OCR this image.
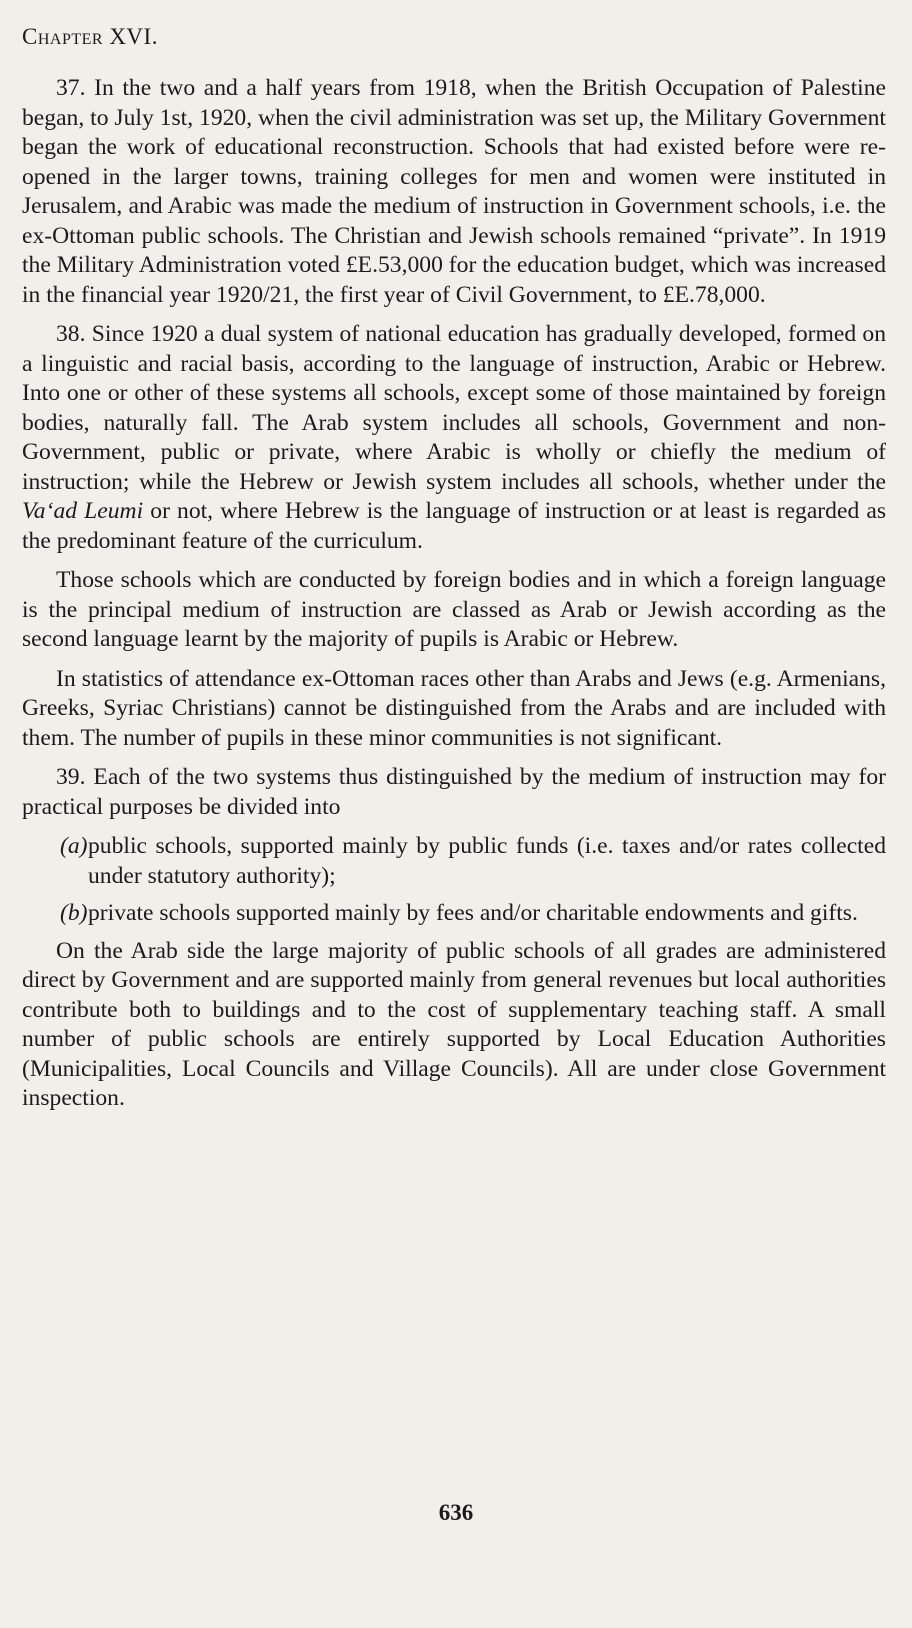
Chapter XVI.

37. In the two and a half years from 1918, when the British Occupation of Palestine began, to July 1st, 1920, when the civil administration was set up, the Military Government began the work of educational reconstruction. Schools that had existed before were re-opened in the larger towns, training colleges for men and women were instituted in Jerusalem, and Arabic was made the medium of instruction in Government schools, i.e. the ex-Ottoman public schools. The Christian and Jewish schools remained “private”. In 1919 the Military Administration voted £E.53,000 for the education budget, which was increased in the financial year 1920/21, the first year of Civil Government, to £E.78,000.

38. Since 1920 a dual system of national education has gradually developed, formed on a linguistic and racial basis, according to the language of instruction, Arabic or Hebrew. Into one or other of these systems all schools, except some of those maintained by foreign bodies, naturally fall. The Arab system includes all schools, Government and non-Government, public or private, where Arabic is wholly or chiefly the medium of instruction; while the Hebrew or Jewish system includes all schools, whether under the Va‘ad Leumi or not, where Hebrew is the language of instruction or at least is regarded as the predominant feature of the curriculum.

Those schools which are conducted by foreign bodies and in which a foreign language is the principal medium of instruction are classed as Arab or Jewish according as the second language learnt by the majority of pupils is Arabic or Hebrew.

In statistics of attendance ex-Ottoman races other than Arabs and Jews (e.g. Armenians, Greeks, Syriac Christians) cannot be distinguished from the Arabs and are included with them. The number of pupils in these minor communities is not significant.

39. Each of the two systems thus distinguished by the medium of instruction may for practical purposes be divided into

(a)public schools, supported mainly by public funds (i.e. taxes and/or rates collected under statutory authority);

(b)private schools supported mainly by fees and/or charitable endowments and gifts.

On the Arab side the large majority of public schools of all grades are administered direct by Government and are supported mainly from general revenues but local authorities contribute both to buildings and to the cost of supplementary teaching staff. A small number of public schools are entirely supported by Local Education Authorities (Municipalities, Local Councils and Village Councils). All are under close Government inspection.

636
